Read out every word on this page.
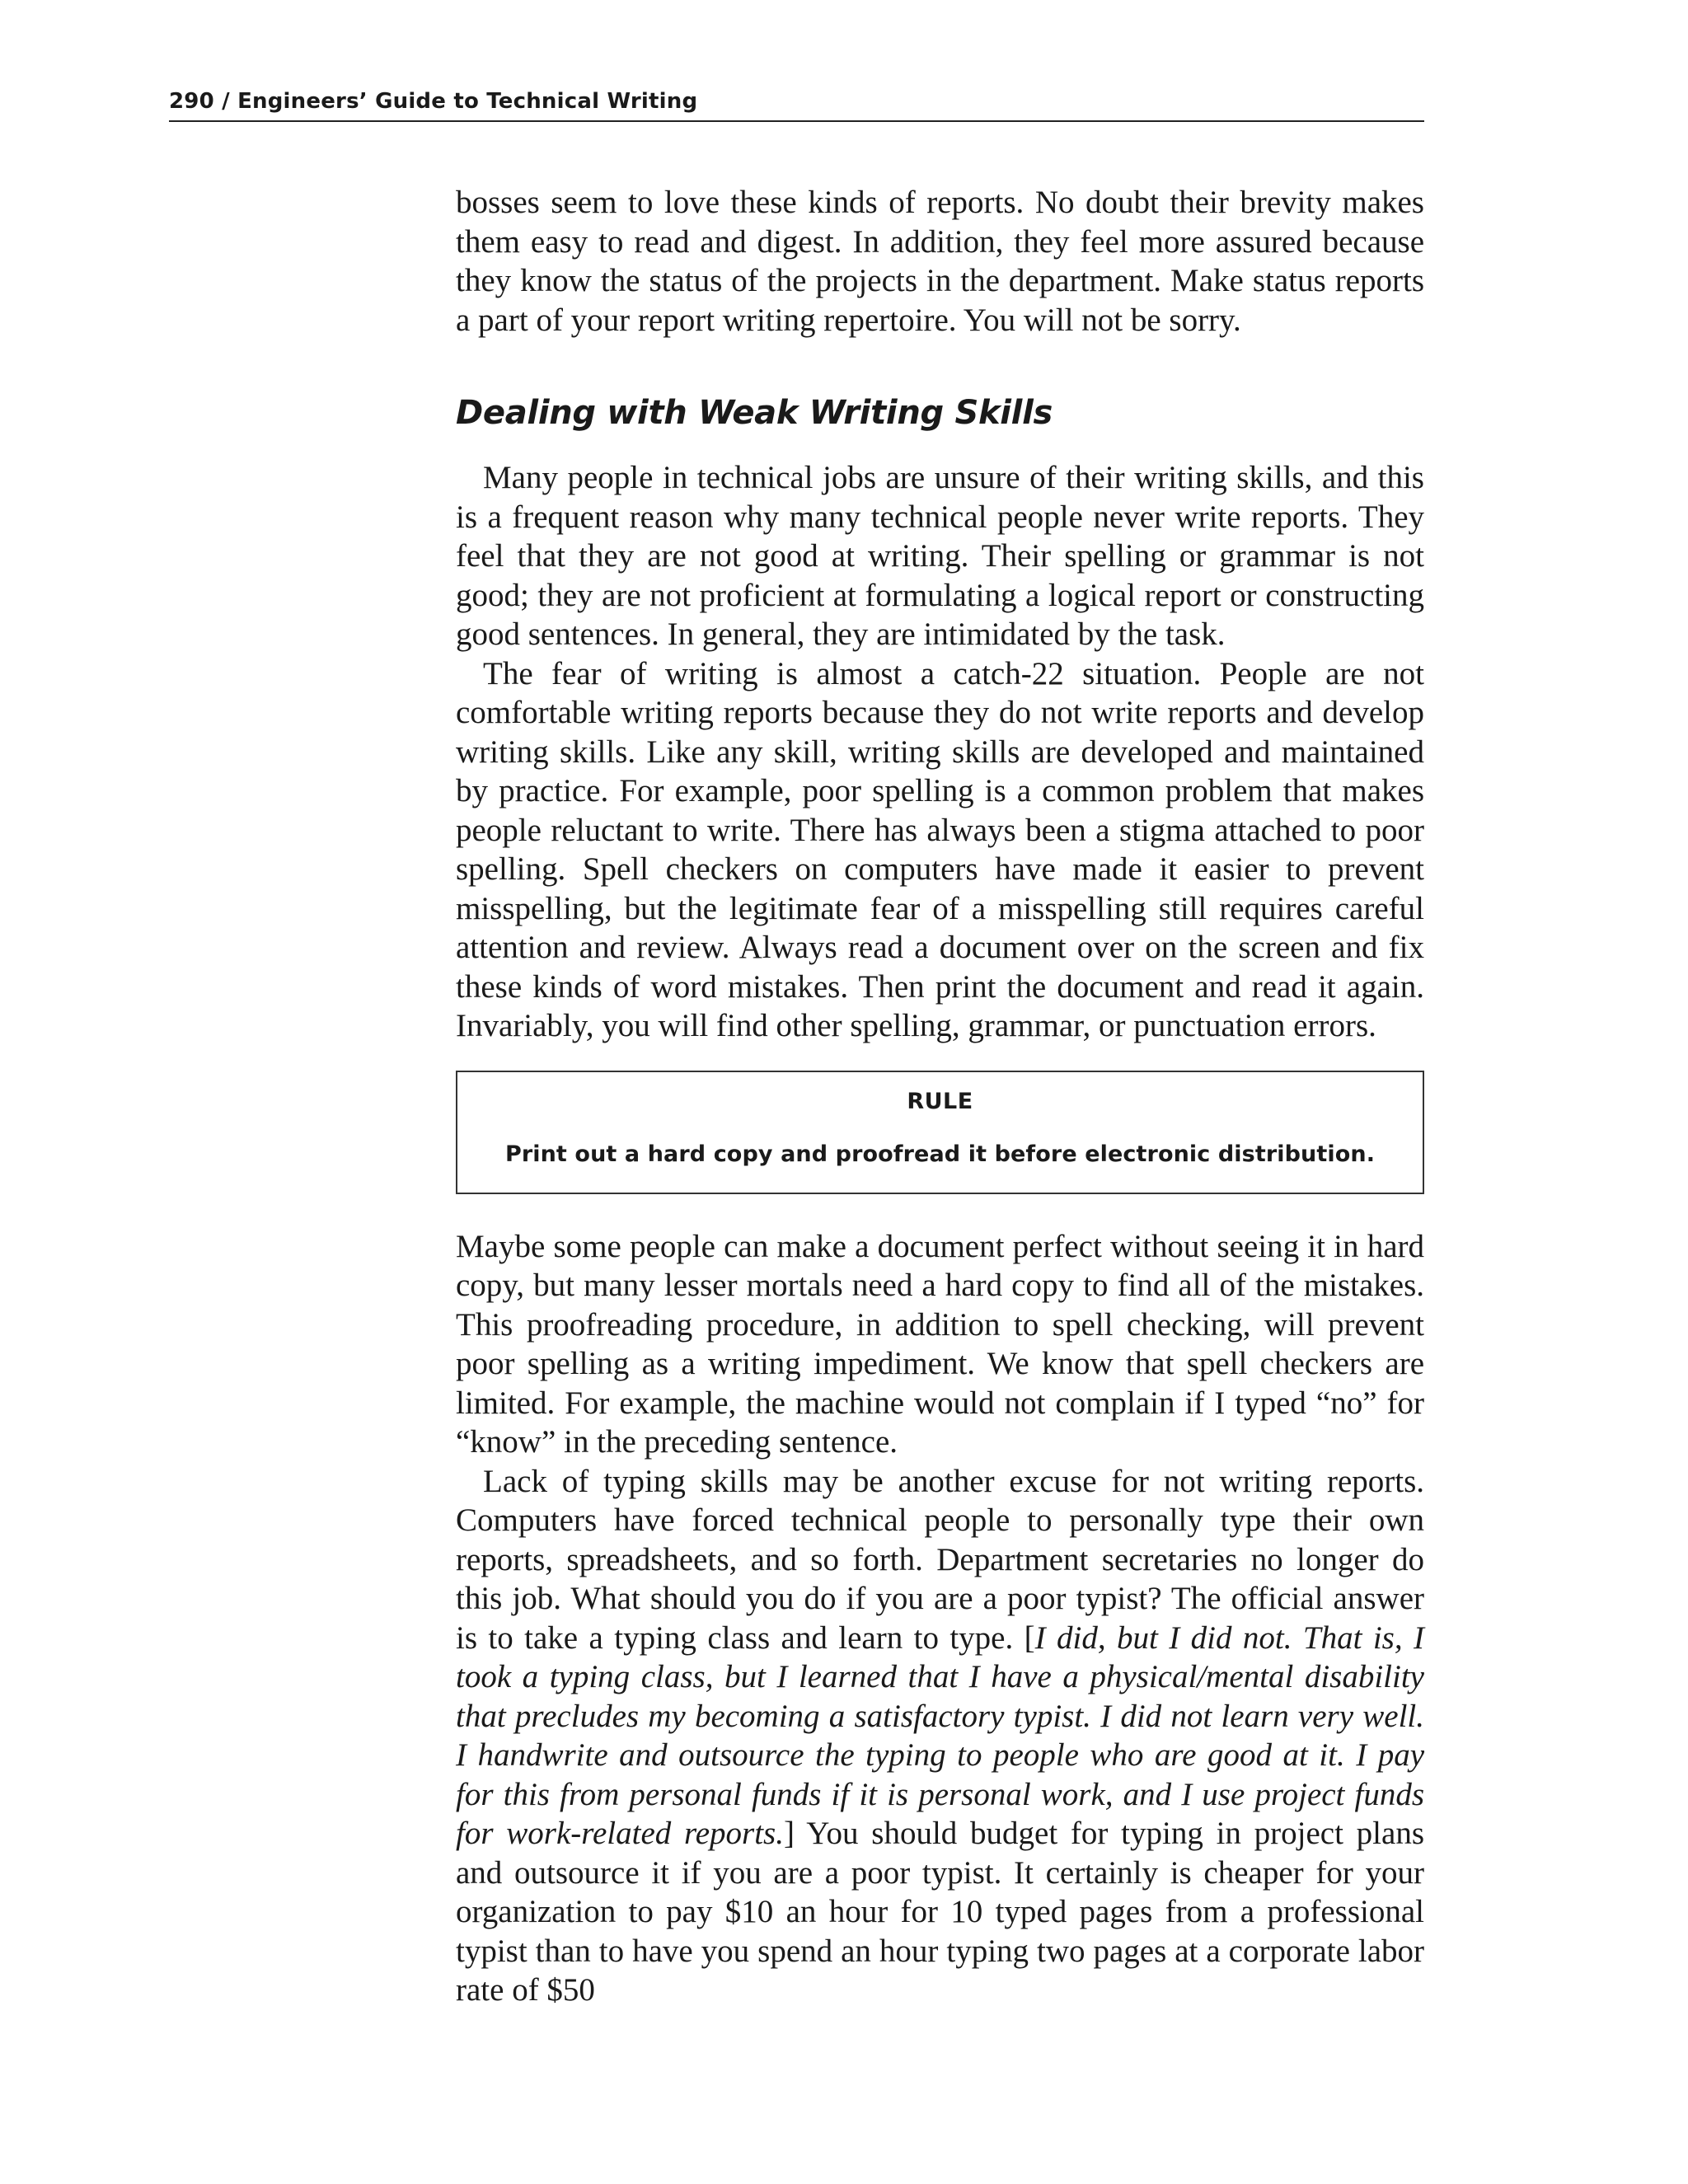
290 / Engineers’ Guide to Technical Writing

bosses seem to love these kinds of reports. No doubt their brevity makes them easy to read and digest. In addition, they feel more assured because they know the status of the projects in the department. Make status reports a part of your report writing repertoire. You will not be sorry.

Dealing with Weak Writing Skills

Many people in technical jobs are unsure of their writing skills, and this is a frequent reason why many technical people never write reports. They feel that they are not good at writing. Their spelling or grammar is not good; they are not proficient at formulating a logical report or constructing good sentences. In general, they are intimidated by the task.

The fear of writing is almost a catch-22 situation. People are not comfortable writing reports because they do not write reports and develop writing skills. Like any skill, writing skills are developed and maintained by practice. For example, poor spelling is a common problem that makes people reluctant to write. There has always been a stigma attached to poor spelling. Spell checkers on computers have made it easier to prevent misspelling, but the legitimate fear of a misspelling still requires careful attention and review. Always read a document over on the screen and fix these kinds of word mistakes. Then print the document and read it again. Invariably, you will find other spelling, grammar, or punctuation errors.

RULE
Print out a hard copy and proofread it before electronic distribution.

Maybe some people can make a document perfect without seeing it in hard copy, but many lesser mortals need a hard copy to find all of the mistakes. This proofreading procedure, in addition to spell checking, will prevent poor spelling as a writing impediment. We know that spell checkers are limited. For example, the machine would not complain if I typed “no” for “know” in the preceding sentence.

Lack of typing skills may be another excuse for not writing reports. Computers have forced technical people to personally type their own reports, spreadsheets, and so forth. Department secretaries no longer do this job. What should you do if you are a poor typist? The official answer is to take a typing class and learn to type. [I did, but I did not. That is, I took a typing class, but I learned that I have a physical/mental disability that precludes my becoming a satisfactory typist. I did not learn very well. I handwrite and outsource the typing to people who are good at it. I pay for this from personal funds if it is personal work, and I use project funds for work-related reports.] You should budget for typing in project plans and outsource it if you are a poor typist. It certainly is cheaper for your organization to pay $10 an hour for 10 typed pages from a professional typist than to have you spend an hour typing two pages at a corporate labor rate of $50
